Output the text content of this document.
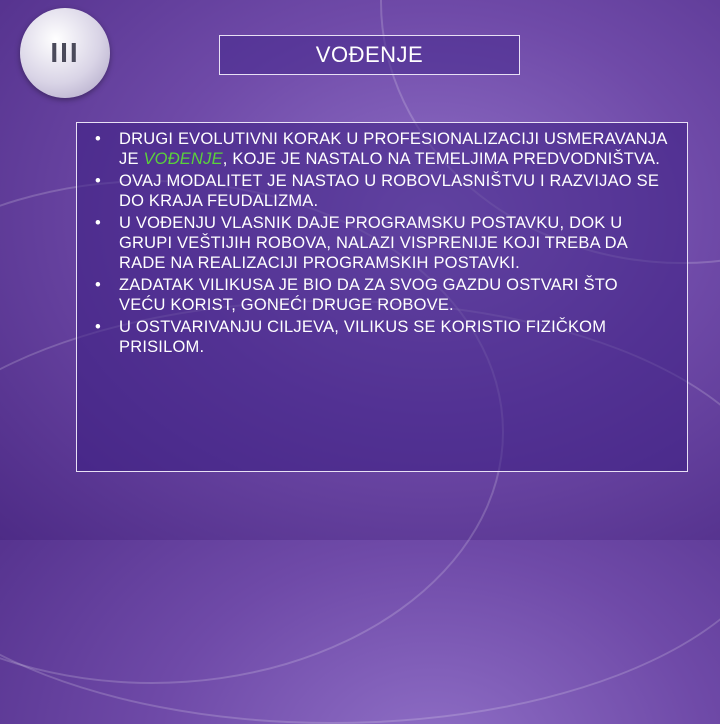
III	VOĐENJE
• DRUGI EVOLUTIVNI KORAK U PROFESIONALIZACIJI USMERAVANJA JE VOĐENJE, KOJE JE NASTALO NA TEMELJIMA PREDVODNIŠTVA.
• OVAJ MODALITET JE NASTAO U ROBOVLASNIŠTVU I RAZVIJAO SE DO KRAJA FEUDALIZMA.
• U VOĐENJU VLASNIK DAJE PROGRAMSKU POSTAVKU, DOK U GRUPI VEŠTIJIH ROBOVA, NALAZI VISPRENIJE KOJI TREBA DA RADE NA REALIZACIJI PROGRAMSKIH POSTAVKI.
• ZADATAK VILIKUSA JE BIO DA ZA SVOG GAZDU OSTVARI ŠTO VEĆU KORIST, GONEĆI DRUGE ROBOVE.
• U OSTVARIVANJU CILJEVA, VILIKUS SE KORISTIO FIZIČKOM PRISILOM.
